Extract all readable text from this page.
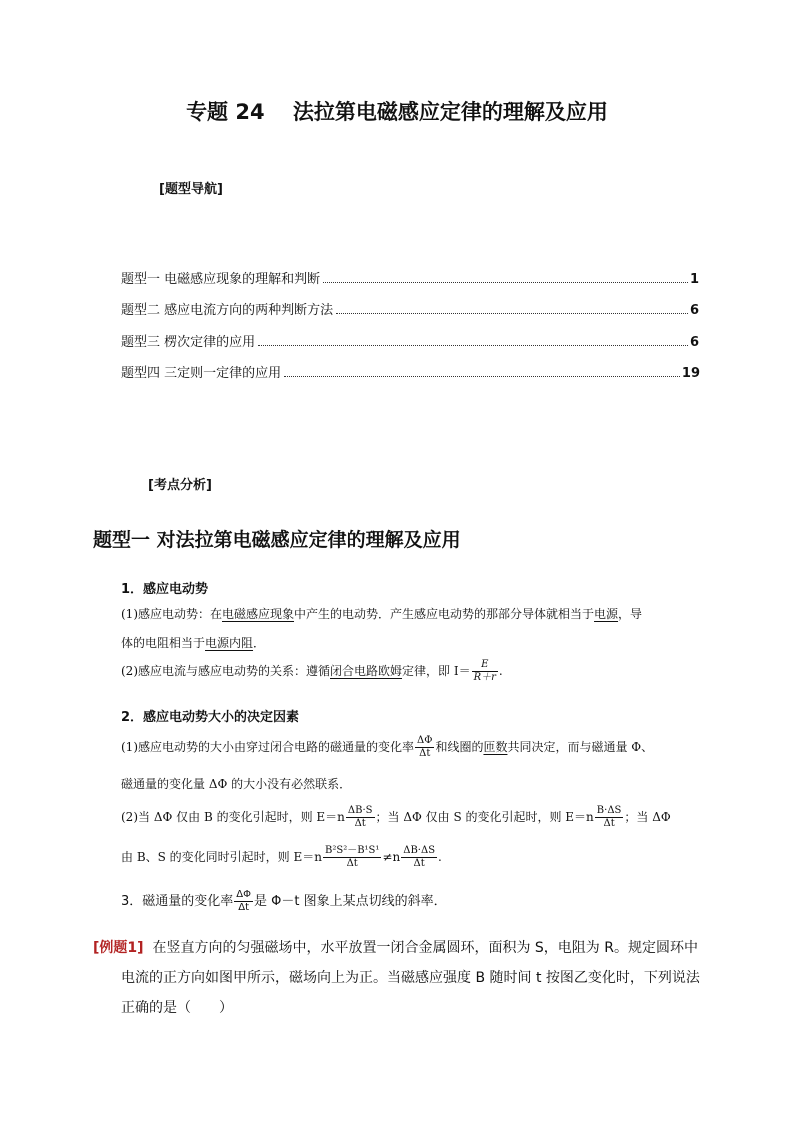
专题 24　 法拉第电磁感应定律的理解及应用
[题型导航]
题型一 电磁感应现象的理解和判断	1
题型二 感应电流方向的两种判断方法	6
题型三 楞次定律的应用	6
题型四 三定则一定律的应用	19
[考点分析]
题型一 对法拉第电磁感应定律的理解及应用
1．感应电动势
(1)感应电动势：在电磁感应现象中产生的电动势．产生感应电动势的那部分导体就相当于电源，导
体的电阻相当于电源内阻．
(2)感应电流与感应电动势的关系：遵循闭合电路欧姆定律，即 $I= \frac{E}{R+r}$ .
2．感应电动势大小的决定因素
(1)感应电动势的大小由穿过闭合电路的磁通量的变化率 $\frac{\Delta\Phi}{\Delta t}$ 和线圈的匝数共同决定，而与磁通量 Φ、
磁通量的变化量 ΔΦ 的大小没有必然联系．
(2)当 ΔΦ 仅由 B 的变化引起时，则 $E=n \frac{\Delta B\cdot S}{\Delta t}$ ；当 ΔΦ 仅由 S 的变化引起时，则 $E=n \frac{B\cdot\Delta S}{\Delta t}$ ；当 ΔΦ
由 B、S 的变化同时引起时，则 $E=n \frac{\text{B²S²－B¹S¹}}{\Delta t} \ne n \frac{\Delta B\cdot\Delta S}{\Delta t}$ .
3．磁通量的变化率 $\frac{\Delta\Phi}{\Delta t}$ 是 Φ－t 图象上某点切线的斜率．
[例题1] 在竖直方向的匀强磁场中，水平放置一闭合金属圆环，面积为 S，电阻为 R。规定圆环中
电流的正方向如图甲所示，磁场向上为正。当磁感应强度 B 随时间 t 按图乙变化时，下列说法
正确的是（　　）
